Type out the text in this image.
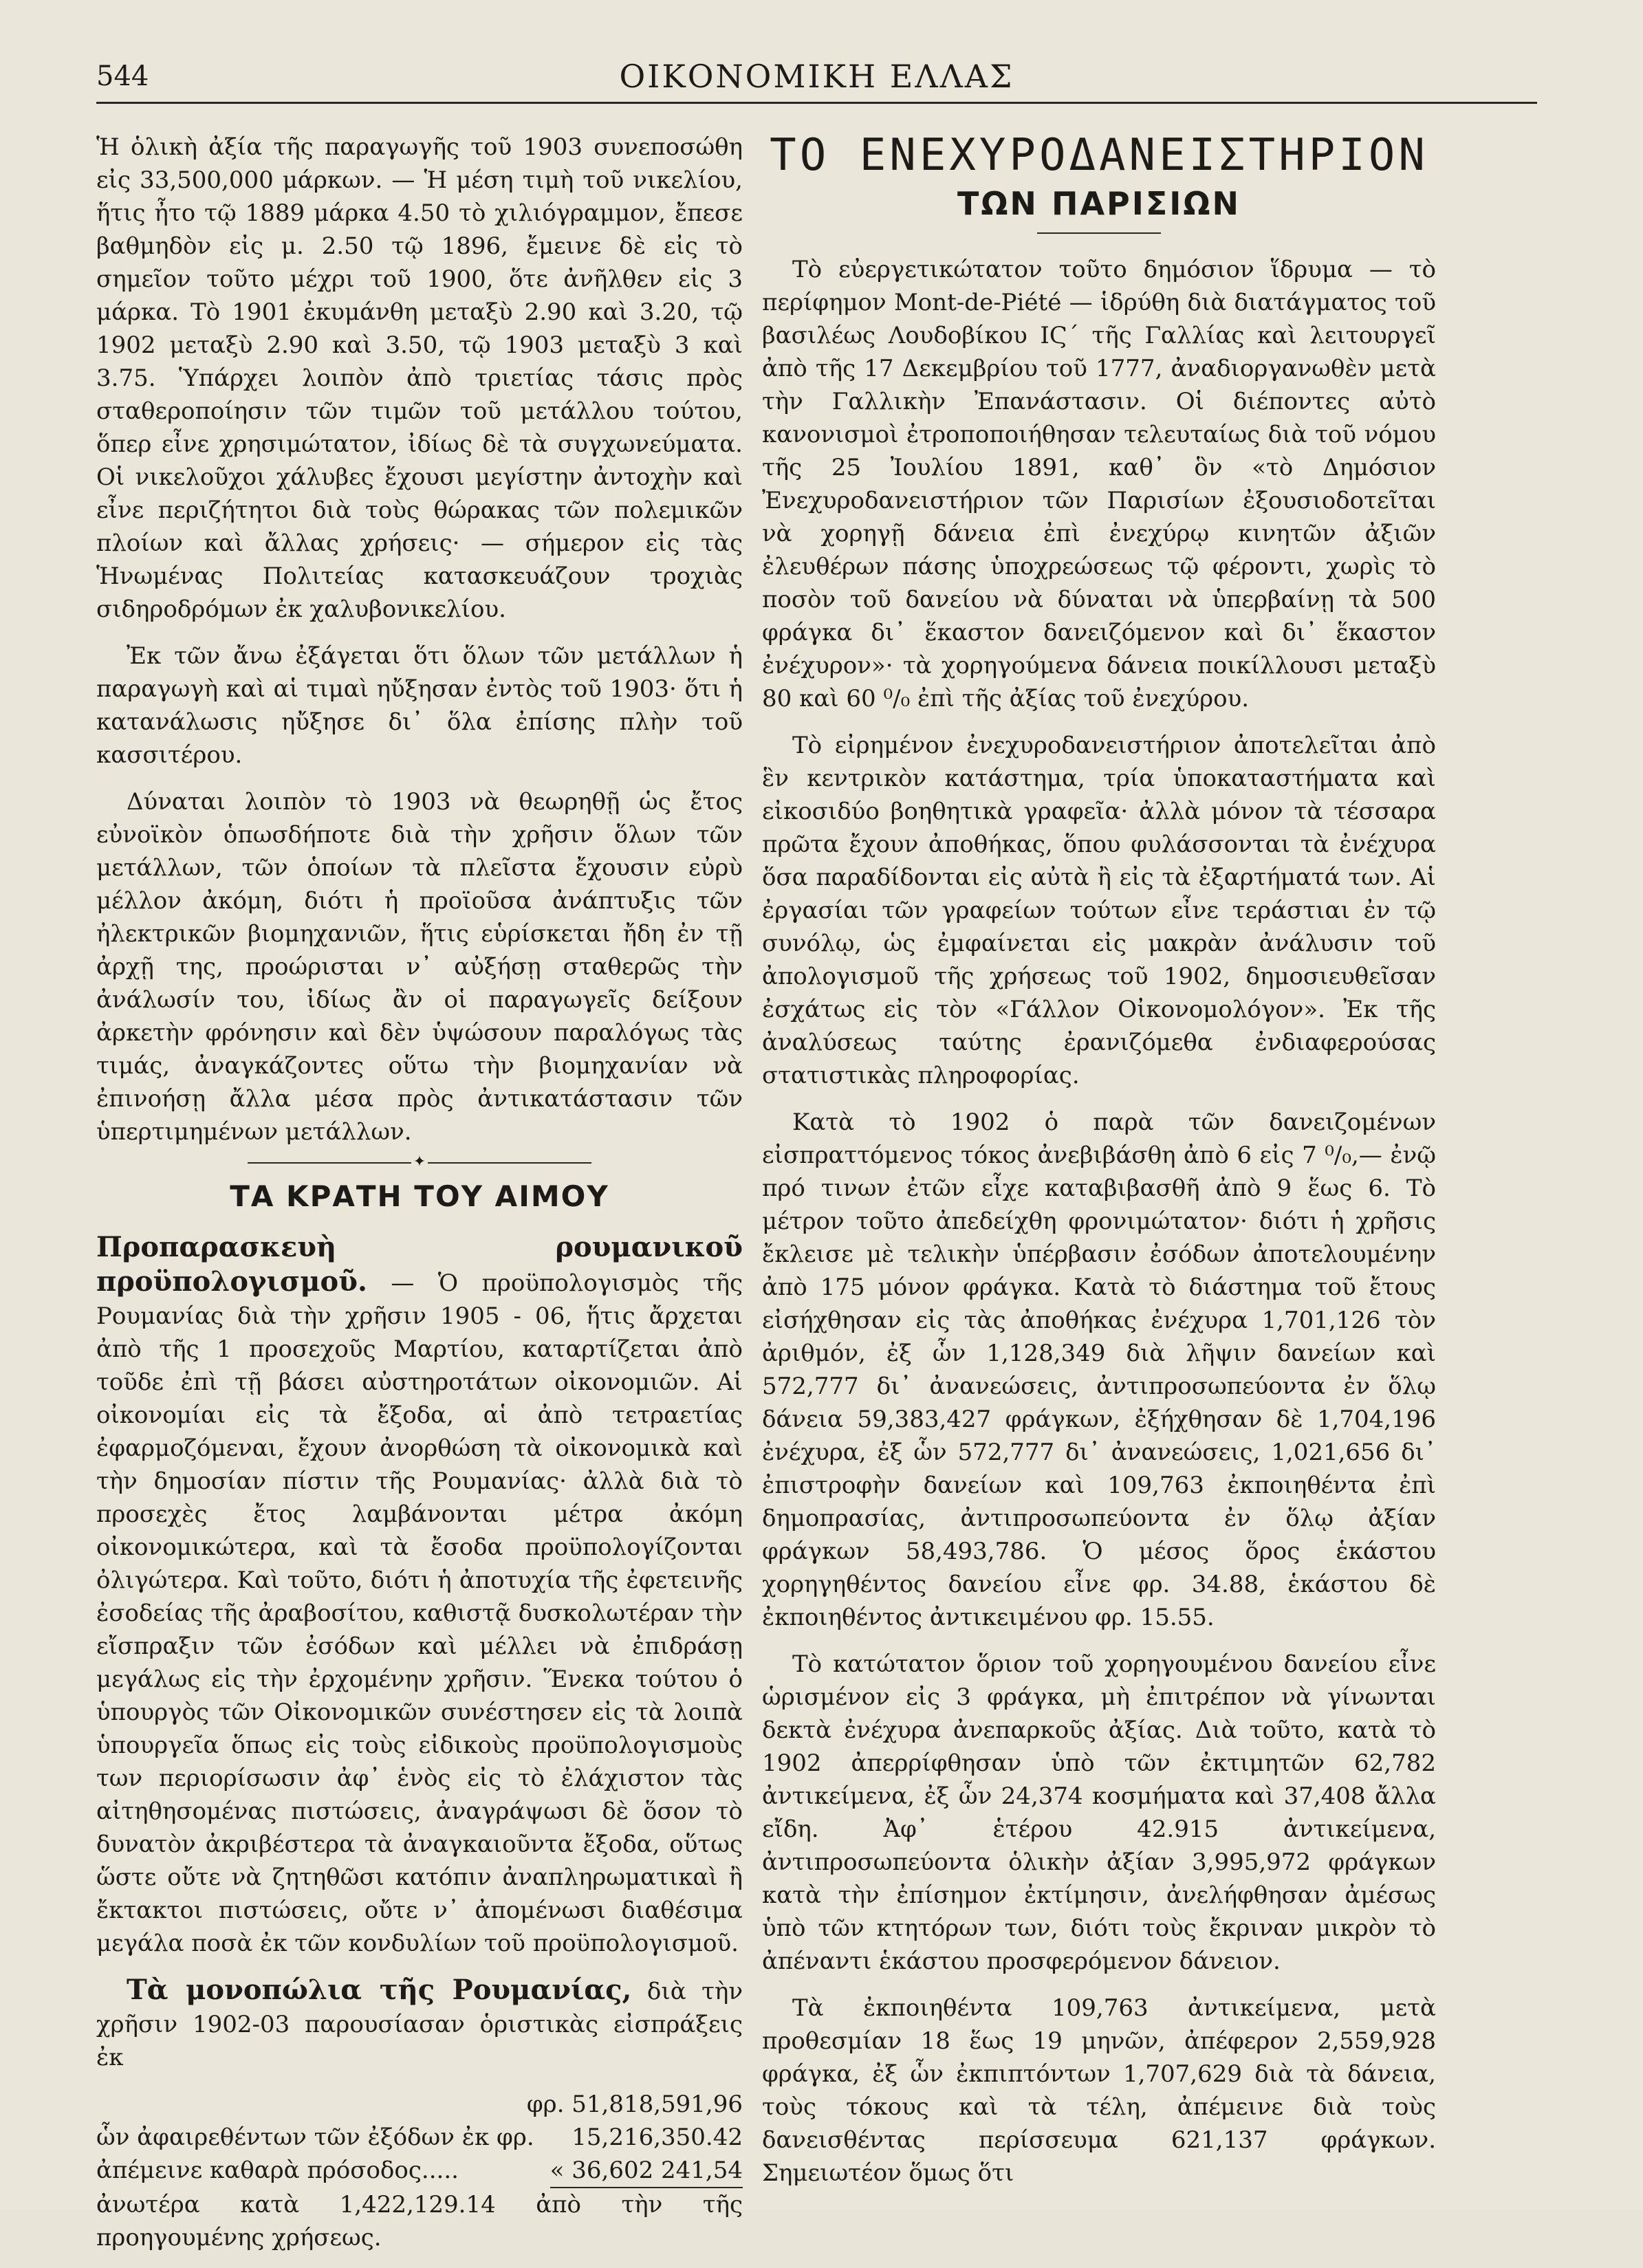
544	ΟΙΚΟΝΟΜΙΚΗ ΕΛΛΑΣ

Ἡ ὁλικὴ ἀξία τῆς παραγωγῆς τοῦ 1903 συνεποσώθη εἰς 33,500,000 μάρκων. — Ἡ μέση τιμὴ τοῦ νικελίου, ἥτις ἦτο τῷ 1889 μάρκα 4.50 τὸ χιλιόγραμμον, ἔπεσε βαθμηδὸν εἰς μ. 2.50 τῷ 1896, ἔμεινε δὲ εἰς τὸ σημεῖον τοῦτο μέχρι τοῦ 1900, ὅτε ἀνῆλθεν εἰς 3 μάρκα. Τὸ 1901 ἐκυμάνθη μεταξὺ 2.90 καὶ 3.20, τῷ 1902 μεταξὺ 2.90 καὶ 3.50, τῷ 1903 μεταξὺ 3 καὶ 3.75. Ὑπάρχει λοιπὸν ἀπὸ τριετίας τάσις πρὸς σταθεροποίησιν τῶν τιμῶν τοῦ μετάλλου τούτου, ὅπερ εἶνε χρησιμώτατον, ἰδίως δὲ τὰ συγχωνεύματα. Οἱ νικελοῦχοι χάλυβες ἔχουσι μεγίστην ἀντοχὴν καὶ εἶνε περιζήτητοι διὰ τοὺς θώρακας τῶν πολεμικῶν πλοίων καὶ ἄλλας χρήσεις· — σήμερον εἰς τὰς Ἡνωμένας Πολιτείας κατασκευάζουν τροχιὰς σιδηροδρόμων ἐκ χαλυβονικελίου.

Ἐκ τῶν ἄνω ἐξάγεται ὅτι ὅλων τῶν μετάλλων ἡ παραγωγὴ καὶ αἱ τιμαὶ ηὔξησαν ἐντὸς τοῦ 1903· ὅτι ἡ κατανάλωσις ηὔξησε δι᾽ ὅλα ἐπίσης πλὴν τοῦ κασσιτέρου.

Δύναται λοιπὸν τὸ 1903 νὰ θεωρηθῇ ὡς ἔτος εὐνοϊκὸν ὁπωσδήποτε διὰ τὴν χρῆσιν ὅλων τῶν μετάλλων, τῶν ὁποίων τὰ πλεῖστα ἔχουσιν εὐρὺ μέλλον ἀκόμη, διότι ἡ προϊοῦσα ἀνάπτυξις τῶν ἠλεκτρικῶν βιομηχανιῶν, ἥτις εὑρίσκεται ἤδη ἐν τῇ ἀρχῇ της, προώρισται ν᾽ αὐξήσῃ σταθερῶς τὴν ἀνάλωσίν του, ἰδίως ἂν οἱ παραγωγεῖς δείξουν ἀρκετὴν φρόνησιν καὶ δὲν ὑψώσουν παραλόγως τὰς τιμάς, ἀναγκάζοντες οὕτω τὴν βιομηχανίαν νὰ ἐπινοήσῃ ἄλλα μέσα πρὸς ἀντικατάστασιν τῶν ὑπερτιμημένων μετάλλων.

✦
ΤΑ ΚΡΑΤΗ ΤΟΥ ΑΙΜΟΥ

Προπαρασκευὴ ρουμανικοῦ προϋπολογισμοῦ. — Ὁ προϋπολογισμὸς τῆς Ρουμανίας διὰ τὴν χρῆσιν 1905 - 06, ἥτις ἄρχεται ἀπὸ τῆς 1 προσεχοῦς Μαρτίου, καταρτίζεται ἀπὸ τοῦδε ἐπὶ τῇ βάσει αὐστηροτάτων οἰκονομιῶν. Αἱ οἰκονομίαι εἰς τὰ ἔξοδα, αἱ ἀπὸ τετραετίας ἐφαρμοζόμεναι, ἔχουν ἀνορθώση τὰ οἰκονομικὰ καὶ τὴν δημοσίαν πίστιν τῆς Ρουμανίας· ἀλλὰ διὰ τὸ προσεχὲς ἔτος λαμβάνονται μέτρα ἀκόμη οἰκονομικώτερα, καὶ τὰ ἔσοδα προϋπολογίζονται ὀλιγώτερα. Καὶ τοῦτο, διότι ἡ ἀποτυχία τῆς ἐφετεινῆς ἐσοδείας τῆς ἀραβοσίτου, καθιστᾷ δυσκολωτέραν τὴν εἴσπραξιν τῶν ἐσόδων καὶ μέλλει νὰ ἐπιδράσῃ μεγάλως εἰς τὴν ἐρχομένην χρῆσιν. Ἕνεκα τούτου ὁ ὑπουργὸς τῶν Οἰκονομικῶν συνέστησεν εἰς τὰ λοιπὰ ὑπουργεῖα ὅπως εἰς τοὺς εἰδικοὺς προϋπολογισμοὺς των περιορίσωσιν ἀφ᾽ ἑνὸς εἰς τὸ ἐλάχιστον τὰς αἰτηθησομένας πιστώσεις, ἀναγράψωσι δὲ ὅσον τὸ δυνατὸν ἀκριβέστερα τὰ ἀναγκαιοῦντα ἔξοδα, οὕτως ὥστε οὔτε νὰ ζητηθῶσι κατόπιν ἀναπληρωματικαὶ ἢ ἔκτακτοι πιστώσεις, οὔτε ν᾽ ἀπομένωσι διαθέσιμα μεγάλα ποσὰ ἐκ τῶν κονδυλίων τοῦ προϋπολογισμοῦ.

Τὰ μονοπώλια τῆς Ρουμανίας, διὰ τὴν χρῆσιν 1902-03 παρουσίασαν ὁριστικὰς εἰσπράξεις ἐκ

φρ. 51,818,591,96
ὧν ἀφαιρεθέντων τῶν ἐξόδων ἐκ φρ.	15,216,350.42
ἀπέμεινε καθαρὰ πρόσοδος.....	« 36,602 241,54

ἀνωτέρα κατὰ 1,422,129.14 ἀπὸ τὴν τῆς προηγουμένης χρήσεως.

ΤΟ ΕΝΕΧΥΡΟΔΑΝΕΙΣΤΗΡΙΟΝ
ΤΩΝ ΠΑΡΙΣΙΩΝ

Τὸ εὐεργετικώτατον τοῦτο δημόσιον ἵδρυμα — τὸ περίφημον Mont-de-Piété — ἱδρύθη διὰ διατάγματος τοῦ βασιλέως Λουδοβίκου ΙϚ΄ τῆς Γαλλίας καὶ λειτουργεῖ ἀπὸ τῆς 17 Δεκεμβρίου τοῦ 1777, ἀναδιοργανωθὲν μετὰ τὴν Γαλλικὴν Ἐπανάστασιν. Οἱ διέποντες αὐτὸ κανονισμοὶ ἐτροποποιήθησαν τελευταίως διὰ τοῦ νόμου τῆς 25 Ἰουλίου 1891, καθ᾽ ὃν «τὸ Δημόσιον Ἐνεχυροδανειστήριον τῶν Παρισίων ἐξουσιοδοτεῖται νὰ χορηγῇ δάνεια ἐπὶ ἐνεχύρῳ κινητῶν ἀξιῶν ἐλευθέρων πάσης ὑποχρεώσεως τῷ φέροντι, χωρὶς τὸ ποσὸν τοῦ δανείου νὰ δύναται νὰ ὑπερβαίνῃ τὰ 500 φράγκα δι᾽ ἕκαστον δανειζόμενον καὶ δι᾽ ἕκαστον ἐνέχυρον»· τὰ χορηγούμενα δάνεια ποικίλλουσι μεταξὺ 80 καὶ 60 ⁰/₀ ἐπὶ τῆς ἀξίας τοῦ ἐνεχύρου.

Τὸ εἰρημένον ἐνεχυροδανειστήριον ἀποτελεῖται ἀπὸ ἓν κεντρικὸν κατάστημα, τρία ὑποκαταστήματα καὶ εἰκοσιδύο βοηθητικὰ γραφεῖα· ἀλλὰ μόνον τὰ τέσσαρα πρῶτα ἔχουν ἀποθήκας, ὅπου φυλάσσονται τὰ ἐνέχυρα ὅσα παραδίδονται εἰς αὐτὰ ἢ εἰς τὰ ἐξαρτήματά των. Αἱ ἐργασίαι τῶν γραφείων τούτων εἶνε τεράστιαι ἐν τῷ συνόλῳ, ὡς ἐμφαίνεται εἰς μακρὰν ἀνάλυσιν τοῦ ἀπολογισμοῦ τῆς χρήσεως τοῦ 1902, δημοσιευθεῖσαν ἐσχάτως εἰς τὸν «Γάλλον Οἰκονομολόγον». Ἐκ τῆς ἀναλύσεως ταύτης ἐρανιζόμεθα ἐνδιαφερούσας στατιστικὰς πληροφορίας.

Κατὰ τὸ 1902 ὁ παρὰ τῶν δανειζομένων εἰσπραττόμενος τόκος ἀνεβιβάσθη ἀπὸ 6 εἰς 7 ⁰/₀,— ἐνῷ πρό τινων ἐτῶν εἶχε καταβιβασθῆ ἀπὸ 9 ἕως 6. Τὸ μέτρον τοῦτο ἀπεδείχθη φρονιμώτατον· διότι ἡ χρῆσις ἔκλεισε μὲ τελικὴν ὑπέρβασιν ἐσόδων ἀποτελουμένην ἀπὸ 175 μόνον φράγκα. Κατὰ τὸ διάστημα τοῦ ἔτους εἰσήχθησαν εἰς τὰς ἀποθήκας ἐνέχυρα 1,701,126 τὸν ἀριθμόν, ἐξ ὧν 1,128,349 διὰ λῆψιν δανείων καὶ 572,777 δι᾽ ἀνανεώσεις, ἀντιπροσωπεύοντα ἐν ὅλῳ δάνεια 59,383,427 φράγκων, ἐξήχθησαν δὲ 1,704,196 ἐνέχυρα, ἐξ ὧν 572,777 δι᾽ ἀνανεώσεις, 1,021,656 δι᾽ ἐπιστροφὴν δανείων καὶ 109,763 ἐκποιηθέντα ἐπὶ δημοπρασίας, ἀντιπροσωπεύοντα ἐν ὅλῳ ἀξίαν φράγκων 58,493,786. Ὁ μέσος ὅρος ἑκάστου χορηγηθέντος δανείου εἶνε φρ. 34.88, ἑκάστου δὲ ἐκποιηθέντος ἀντικειμένου φρ. 15.55.

Τὸ κατώτατον ὅριον τοῦ χορηγουμένου δανείου εἶνε ὡρισμένον εἰς 3 φράγκα, μὴ ἐπιτρέπον νὰ γίνωνται δεκτὰ ἐνέχυρα ἀνεπαρκοῦς ἀξίας. Διὰ τοῦτο, κατὰ τὸ 1902 ἀπερρίφθησαν ὑπὸ τῶν ἐκτιμητῶν 62,782 ἀντικείμενα, ἐξ ὧν 24,374 κοσμήματα καὶ 37,408 ἄλλα εἴδη. Ἀφ᾽ ἑτέρου 42.915 ἀντικείμενα, ἀντιπροσωπεύοντα ὁλικὴν ἀξίαν 3,995,972 φράγκων κατὰ τὴν ἐπίσημον ἐκτίμησιν, ἀνελήφθησαν ἀμέσως ὑπὸ τῶν κτητόρων των, διότι τοὺς ἔκριναν μικρὸν τὸ ἀπέναντι ἑκάστου προσφερόμενον δάνειον.

Τὰ ἐκποιηθέντα 109,763 ἀντικείμενα, μετὰ προθεσμίαν 18 ἕως 19 μηνῶν, ἀπέφερον 2,559,928 φράγκα, ἐξ ὧν ἐκπιπτόντων 1,707,629 διὰ τὰ δάνεια, τοὺς τόκους καὶ τὰ τέλη, ἀπέμεινε διὰ τοὺς δανεισθέντας περίσσευμα 621,137 φράγκων. Σημειωτέον ὅμως ὅτι
